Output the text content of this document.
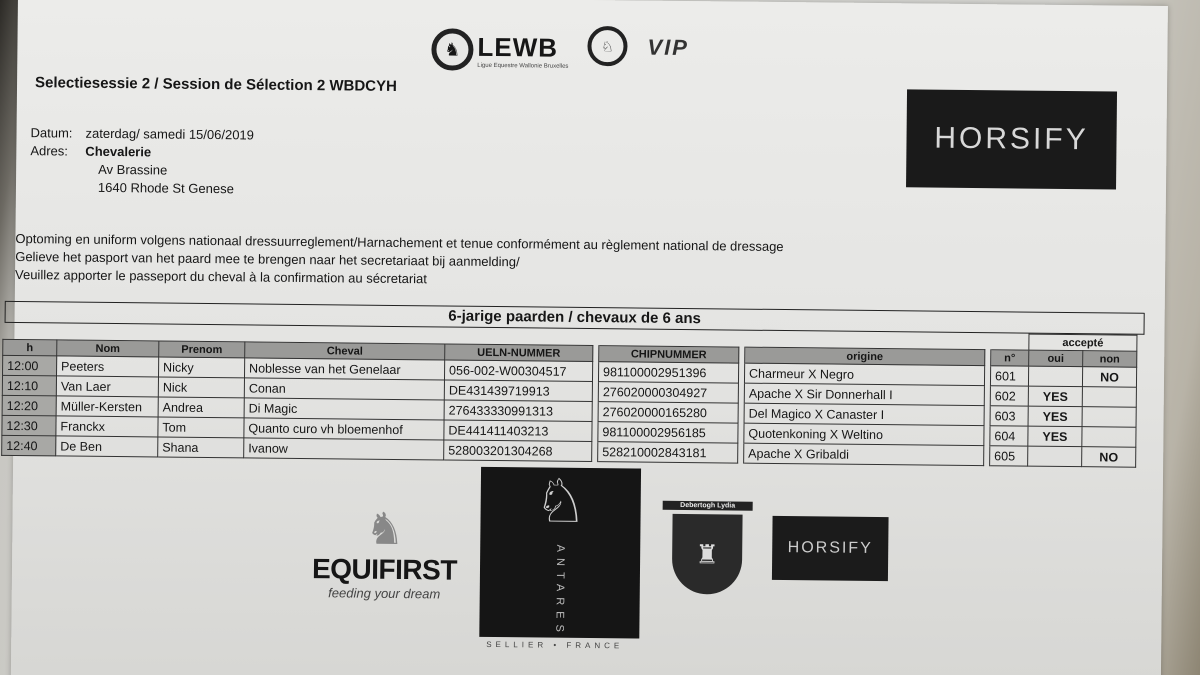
♞ LEWB
Ligue Equestre Wallonie Bruxelles
♘	VIP
Selectiesessie 2 / Session de Sélection 2 WBDCYH
HORSIFY
Datum: zaterdag/ samedi 15/06/2019
Adres: Chevalerie
Av Brassine
1640 Rhode St Genese
Optoming en uniform volgens nationaal dressuurreglement/Harnachement et tenue conformément au règlement national de dressage
Gelieve het pasport van het paard mee te brengen naar het secretariaat bij aanmelding/
Veuillez apporter le passeport du cheval à la confirmation au sécretariat
6-jarige paarden / chevaux de 6 ans
											accepté	
h	Nom	Prenom	Cheval	UELN-NUMMER		CHIPNUMMER		origine		n°	oui	non
12:00	Peeters	Nicky	Noblesse van het Genelaar	056-002-W00304517		981100002951396		Charmeur X Negro		601		NO
12:10	Van Laer	Nick	Conan	DE431439719913		276020000304927		Apache X Sir Donnerhall I		602	YES	
12:20	Müller-Kersten	Andrea	Di Magic	276433330991313		276020000165280		Del Magico X Canaster I		603	YES	
12:30	Franckx	Tom	Quanto curo vh bloemenhof	DE441411403213		981100002956185		Quotenkoning X Weltino		604	YES	
12:40	De Ben	Shana	Ivanow	528003201304268		528210002843181		Apache X Gribaldi		605		NO
♞
EQUIFIRST
feeding your dream
♘
ANTARES
SELLIER • FRANCE
Debertogh Lydia
♜	HORSIFY
